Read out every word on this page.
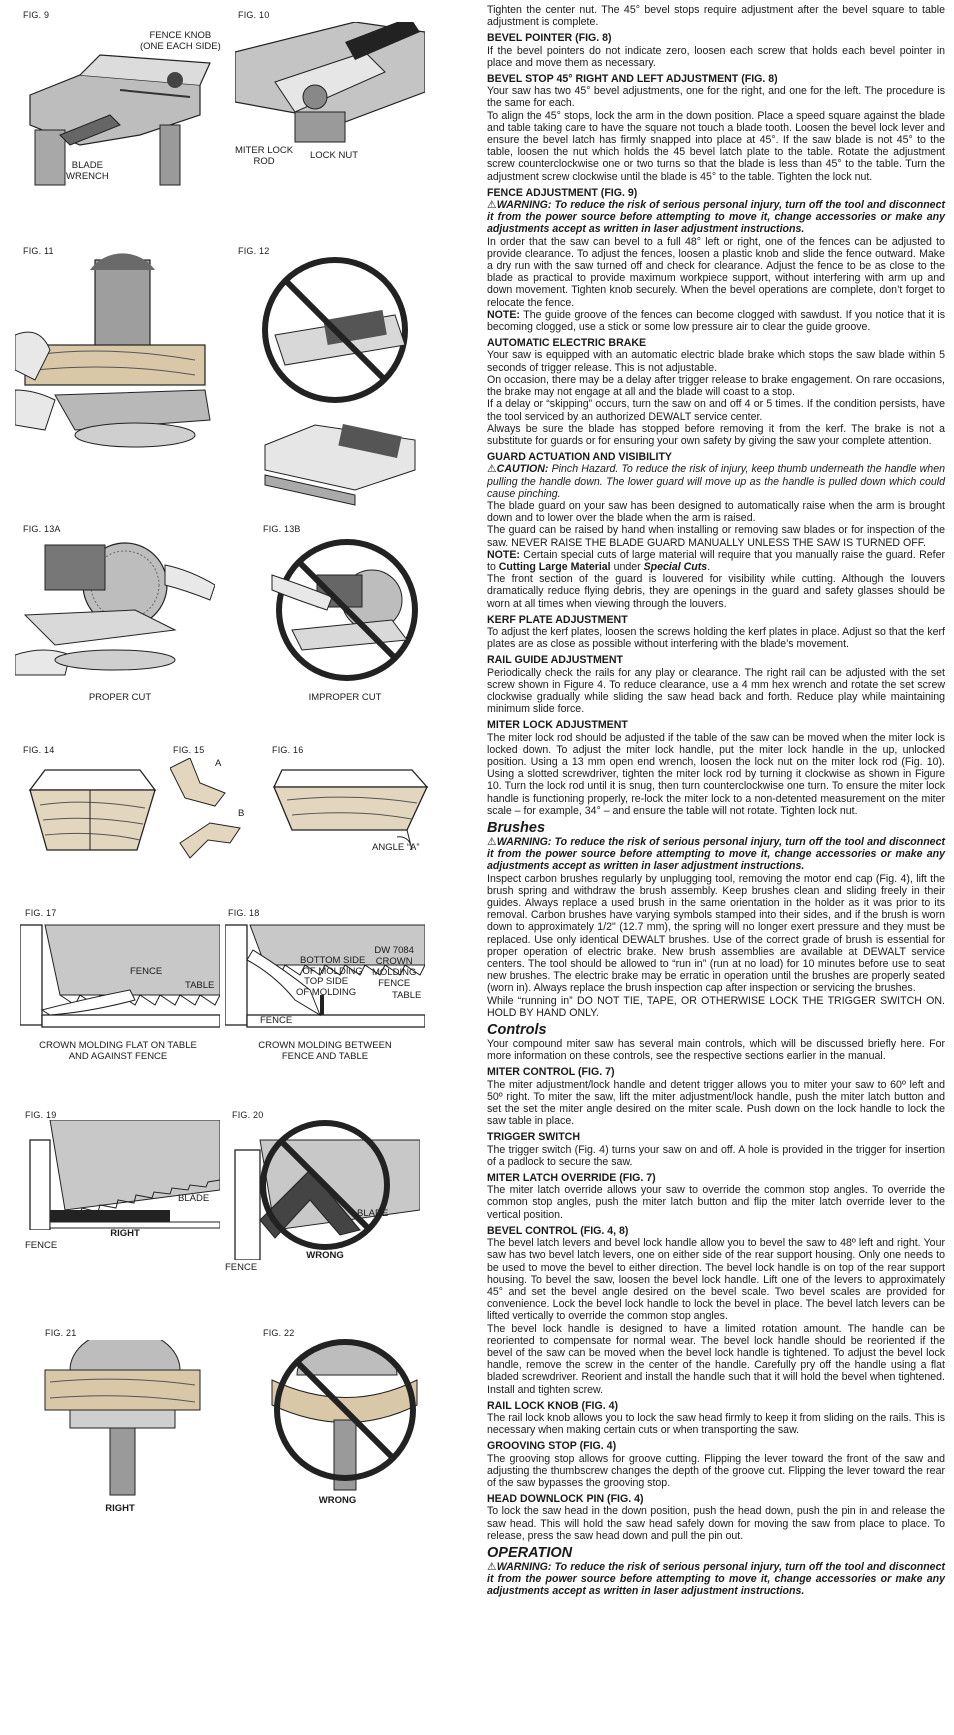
FIG. 9
FENCE KNOB
(ONE EACH SIDE)
BLADE
WRENCH
FIG. 10
MITER LOCK
ROD
LOCK NUT
FIG. 11	FIG. 12
FIG. 13A
PROPER CUT
FIG. 13B
IMPROPER CUT
FIG. 14	FIG. 15
A
B
FIG. 16
ANGLE “A”
FIG. 17
FENCE
TABLE
CROWN MOLDING FLAT ON TABLE
AND AGAINST FENCE
FIG. 18
BOTTOM SIDE
OF MOLDING
TOP SIDE
OF MOLDING
DW 7084
CROWN
MOLDING
FENCE
TABLE
FENCE
CROWN MOLDING BETWEEN
FENCE AND TABLE
FIG. 19
BLADE
FENCE
RIGHT
FIG. 20
BLADE
FENCE
WRONG
FIG. 21
RIGHT
FIG. 22
WRONG

Tighten the center nut. The 45° bevel stops require adjustment after the bevel square to table adjustment is complete.

BEVEL POINTER (FIG. 8)

If the bevel pointers do not indicate zero, loosen each screw that holds each bevel pointer in place and move them as necessary.

BEVEL STOP 45° RIGHT AND LEFT ADJUSTMENT (FIG. 8)

Your saw has two 45° bevel adjustments, one for the right, and one for the left. The procedure is the same for each.

To align the 45° stops, lock the arm in the down position. Place a speed square against the blade and table taking care to have the square not touch a blade tooth. Loosen the bevel lock lever and ensure the bevel latch has firmly snapped into place at 45°. If the saw blade is not 45° to the table, loosen the nut which holds the 45 bevel latch plate to the table. Rotate the adjustment screw counterclockwise one or two turns so that the blade is less than 45° to the table. Turn the adjustment screw clockwise until the blade is 45° to the table. Tighten the lock nut.

FENCE ADJUSTMENT (FIG. 9)

⚠WARNING: To reduce the risk of serious personal injury, turn off the tool and disconnect it from the power source before attempting to move it, change accessories or make any adjustments accept as written in laser adjustment instructions.

In order that the saw can bevel to a full 48° left or right, one of the fences can be adjusted to provide clearance. To adjust the fences, loosen a plastic knob and slide the fence outward. Make a dry run with the saw turned off and check for clearance. Adjust the fence to be as close to the blade as practical to provide maximum workpiece support, without interfering with arm up and down movement. Tighten knob securely. When the bevel operations are complete, don’t forget to relocate the fence.

NOTE: The guide groove of the fences can become clogged with sawdust. If you notice that it is becoming clogged, use a stick or some low pressure air to clear the guide groove.

AUTOMATIC ELECTRIC BRAKE

Your saw is equipped with an automatic electric blade brake which stops the saw blade within 5 seconds of trigger release. This is not adjustable.

On occasion, there may be a delay after trigger release to brake engagement. On rare occasions, the brake may not engage at all and the blade will coast to a stop.

If a delay or “skipping” occurs, turn the saw on and off 4 or 5 times. If the condition persists, have the tool serviced by an authorized DEWALT service center.

Always be sure the blade has stopped before removing it from the kerf. The brake is not a substitute for guards or for ensuring your own safety by giving the saw your complete attention.

GUARD ACTUATION AND VISIBILITY

⚠CAUTION: Pinch Hazard. To reduce the risk of injury, keep thumb underneath the handle when pulling the handle down. The lower guard will move up as the handle is pulled down which could cause pinching.

The blade guard on your saw has been designed to automatically raise when the arm is brought down and to lower over the blade when the arm is raised.

The guard can be raised by hand when installing or removing saw blades or for inspection of the saw. NEVER RAISE THE BLADE GUARD MANUALLY UNLESS THE SAW IS TURNED OFF.

NOTE: Certain special cuts of large material will require that you manually raise the guard. Refer to Cutting Large Material under Special Cuts.

The front section of the guard is louvered for visibility while cutting. Although the louvers dramatically reduce flying debris, they are openings in the guard and safety glasses should be worn at all times when viewing through the louvers.

KERF PLATE ADJUSTMENT

To adjust the kerf plates, loosen the screws holding the kerf plates in place. Adjust so that the kerf plates are as close as possible without interfering with the blade’s movement.

RAIL GUIDE ADJUSTMENT

Periodically check the rails for any play or clearance. The right rail can be adjusted with the set screw shown in Figure 4. To reduce clearance, use a 4 mm hex wrench and rotate the set screw clockwise gradually while sliding the saw head back and forth. Reduce play while maintaining minimum slide force.

MITER LOCK ADJUSTMENT

The miter lock rod should be adjusted if the table of the saw can be moved when the miter lock is locked down. To adjust the miter lock handle, put the miter lock handle in the up, unlocked position. Using a 13 mm open end wrench, loosen the lock nut on the miter lock rod (Fig. 10). Using a slotted screwdriver, tighten the miter lock rod by turning it clockwise as shown in Figure 10. Turn the lock rod until it is snug, then turn counterclockwise one turn. To ensure the miter lock handle is functioning properly, re-lock the miter lock to a non-detented measurement on the miter scale – for example, 34° – and ensure the table will not rotate. Tighten lock nut.

Brushes

⚠WARNING: To reduce the risk of serious personal injury, turn off the tool and disconnect it from the power source before attempting to move it, change accessories or make any adjustments accept as written in laser adjustment instructions.

Inspect carbon brushes regularly by unplugging tool, removing the motor end cap (Fig. 4), lift the brush spring and withdraw the brush assembly. Keep brushes clean and sliding freely in their guides. Always replace a used brush in the same orientation in the holder as it was prior to its removal. Carbon brushes have varying symbols stamped into their sides, and if the brush is worn down to approximately 1/2" (12.7 mm), the spring will no longer exert pressure and they must be replaced. Use only identical DEWALT brushes. Use of the correct grade of brush is essential for proper operation of electric brake. New brush assemblies are available at DEWALT service centers. The tool should be allowed to “run in” (run at no load) for 10 minutes before use to seat new brushes. The electric brake may be erratic in operation until the brushes are properly seated (worn in). Always replace the brush inspection cap after inspection or servicing the brushes.

While “running in” DO NOT TIE, TAPE, OR OTHERWISE LOCK THE TRIGGER SWITCH ON. HOLD BY HAND ONLY.

Controls

Your compound miter saw has several main controls, which will be discussed briefly here. For more information on these controls, see the respective sections earlier in the manual.

MITER CONTROL (FIG. 7)

The miter adjustment/lock handle and detent trigger allows you to miter your saw to 60º left and 50º right. To miter the saw, lift the miter adjustment/lock handle, push the miter latch button and set the set the miter angle desired on the miter scale. Push down on the lock handle to lock the saw table in place.

TRIGGER SWITCH

The trigger switch (Fig. 4) turns your saw on and off. A hole is provided in the trigger for insertion of a padlock to secure the saw.

MITER LATCH OVERRIDE (FIG. 7)

The miter latch override allows your saw to override the common stop angles. To override the common stop angles, push the miter latch button and flip the miter latch override lever to the vertical position.

BEVEL CONTROL (FIG. 4, 8)

The bevel latch levers and bevel lock handle allow you to bevel the saw to 48º left and right. Your saw has two bevel latch levers, one on either side of the rear support housing. Only one needs to be used to move the bevel to either direction. The bevel lock handle is on top of the rear support housing. To bevel the saw, loosen the bevel lock handle. Lift one of the levers to approximately 45° and set the bevel angle desired on the bevel scale. Two bevel scales are provided for convenience. Lock the bevel lock handle to lock the bevel in place. The bevel latch levers can be lifted vertically to override the common stop angles.

The bevel lock handle is designed to have a limited rotation amount. The handle can be reoriented to compensate for normal wear. The bevel lock handle should be reoriented if the bevel of the saw can be moved when the bevel lock handle is tightened. To adjust the bevel lock handle, remove the screw in the center of the handle. Carefully pry off the handle using a flat bladed screwdriver. Reorient and install the handle such that it will hold the bevel when tightened. Install and tighten screw.

RAIL LOCK KNOB (FIG. 4)

The rail lock knob allows you to lock the saw head firmly to keep it from sliding on the rails. This is necessary when making certain cuts or when transporting the saw.

GROOVING STOP (FIG. 4)

The grooving stop allows for groove cutting. Flipping the lever toward the front of the saw and adjusting the thumbscrew changes the depth of the groove cut. Flipping the lever toward the rear of the saw bypasses the grooving stop.

HEAD DOWNLOCK PIN (FIG. 4)

To lock the saw head in the down position, push the head down, push the pin in and release the saw head. This will hold the saw head safely down for moving the saw from place to place. To release, press the saw head down and pull the pin out.

OPERATION

⚠WARNING: To reduce the risk of serious personal injury, turn off the tool and disconnect it from the power source before attempting to move it, change accessories or make any adjustments accept as written in laser adjustment instructions.
